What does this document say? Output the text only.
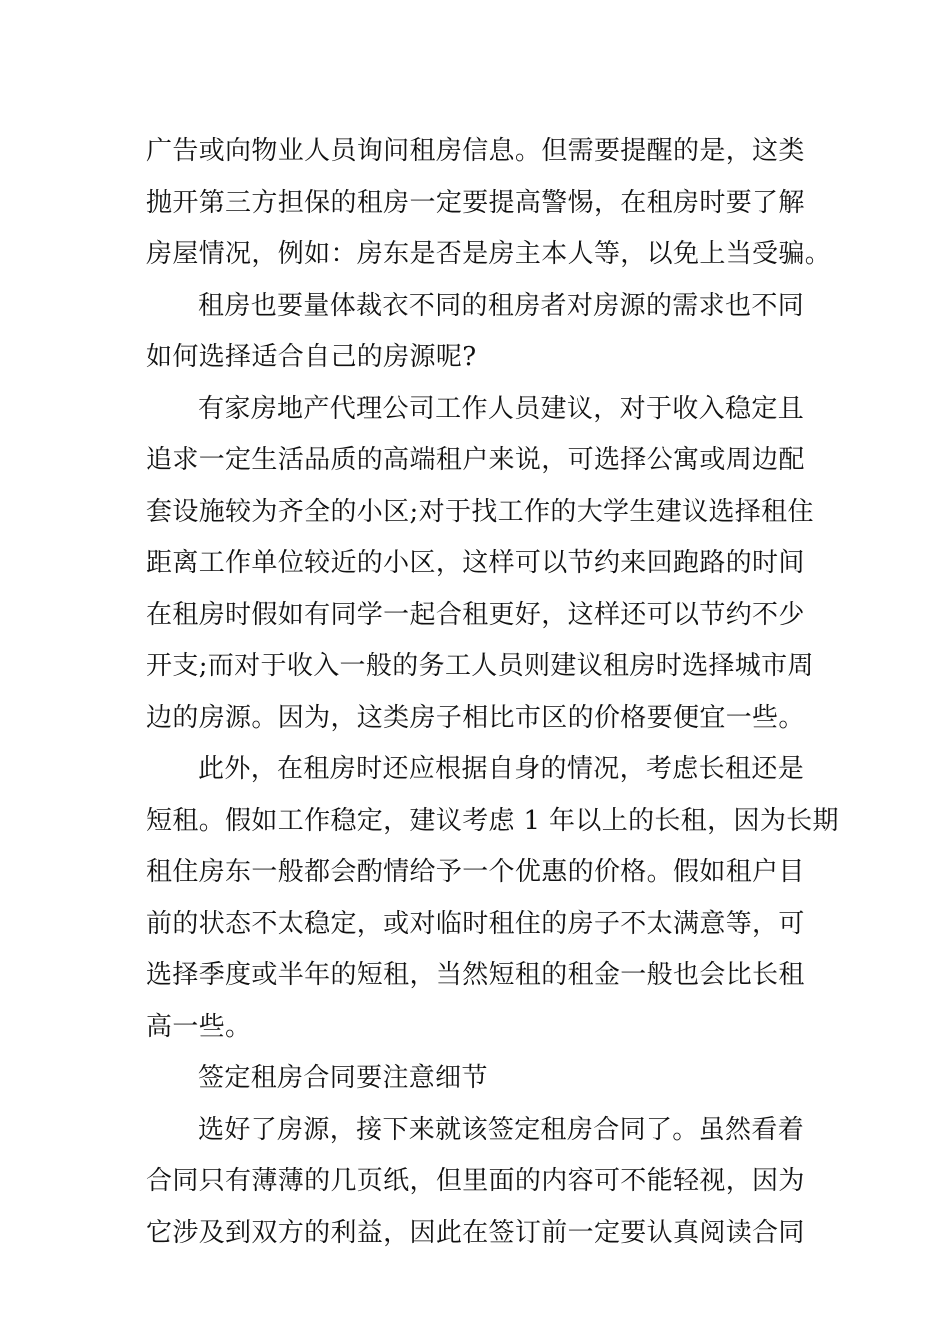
广告或向物业人员询问租房信息。但需要提醒的是，这类
抛开第三方担保的租房一定要提高警惕，在租房时要了解
房屋情况，例如：房东是否是房主本人等，以免上当受骗。
租房也要量体裁衣不同的租房者对房源的需求也不同
如何选择适合自己的房源呢?
有家房地产代理公司工作人员建议，对于收入稳定且
追求一定生活品质的高端租户来说，可选择公寓或周边配
套设施较为齐全的小区;对于找工作的大学生建议选择租住
距离工作单位较近的小区，这样可以节约来回跑路的时间
在租房时假如有同学一起合租更好，这样还可以节约不少
开支;而对于收入一般的务工人员则建议租房时选择城市周
边的房源。因为，这类房子相比市区的价格要便宜一些。
此外，在租房时还应根据自身的情况，考虑长租还是
短租。假如工作稳定，建议考虑 1 年以上的长租，因为长期
租住房东一般都会酌情给予一个优惠的价格。假如租户目
前的状态不太稳定，或对临时租住的房子不太满意等，可
选择季度或半年的短租，当然短租的租金一般也会比长租
高一些。
签定租房合同要注意细节
选好了房源，接下来就该签定租房合同了。虽然看着
合同只有薄薄的几页纸，但里面的内容可不能轻视，因为
它涉及到双方的利益，因此在签订前一定要认真阅读合同
